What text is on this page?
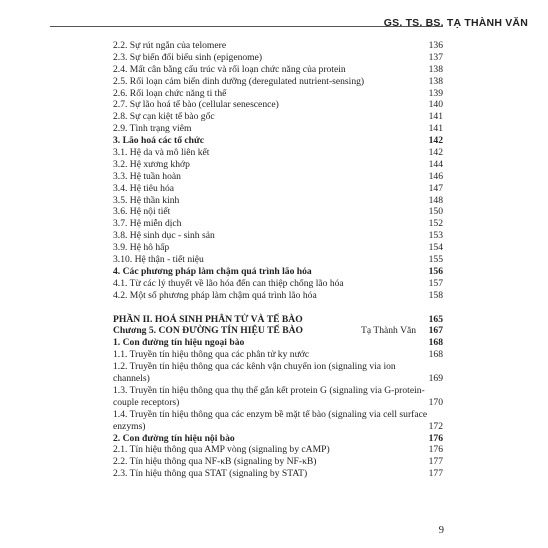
GS. TS. BS. TẠ THÀNH VĂN
2.2. Sự rút ngắn của telomere	136
2.3. Sự biến đổi biểu sinh (epigenome)	137
2.4. Mất cân bằng cấu trúc và rối loạn chức năng của protein	138
2.5. Rối loạn cảm biến dinh dưỡng (deregulated nutrient-sensing)	138
2.6. Rối loạn chức năng ti thể	139
2.7. Sự lão hoá tế bào (cellular senescence)	140
2.8. Sự cạn kiệt tế bào gốc	141
2.9. Tình trạng viêm	141
3. Lão hoá các tổ chức	142
3.1. Hệ da và mô liên kết	142
3.2. Hệ xương khớp	144
3.3. Hệ tuần hoàn	146
3.4. Hệ tiêu hóa	147
3.5. Hệ thần kinh	148
3.6. Hệ nội tiết	150
3.7. Hệ miễn dịch	152
3.8. Hệ sinh dục - sinh sản	153
3.9. Hệ hô hấp	154
3.10. Hệ thận - tiết niệu	155
4. Các phương pháp làm chậm quá trình lão hóa	156
4.1. Từ các lý thuyết về lão hóa đến can thiệp chống lão hóa	157
4.2. Một số phương pháp làm chậm quá trình lão hóa	158
PHẦN II. HOÁ SINH PHÂN TỬ VÀ TẾ BÀO	165
Chương 5. CON ĐƯỜNG TÍN HIỆU TẾ BÀO	Tạ Thành Văn 167
1. Con đường tín hiệu ngoại bào	168
1.1. Truyền tín hiệu thông qua các phân tử ky nước	168
1.2. Truyền tín hiệu thông qua các kênh vận chuyển ion (signaling via ion channels)	169
1.3. Truyền tín hiệu thông qua thụ thể gắn kết protein G (signaling via G-protein-couple receptors)	170
1.4. Truyền tín hiệu thông qua các enzym bề mặt tế bào (signaling via cell surface enzyms)	172
2. Con đường tín hiệu nội bào	176
2.1. Tín hiệu thông qua AMP vòng (signaling by cAMP)	176
2.2. Tín hiệu thông qua NF-κB (signaling by NF-κB)	177
2.3. Tín hiệu thông qua STAT (signaling by STAT)	177
9
